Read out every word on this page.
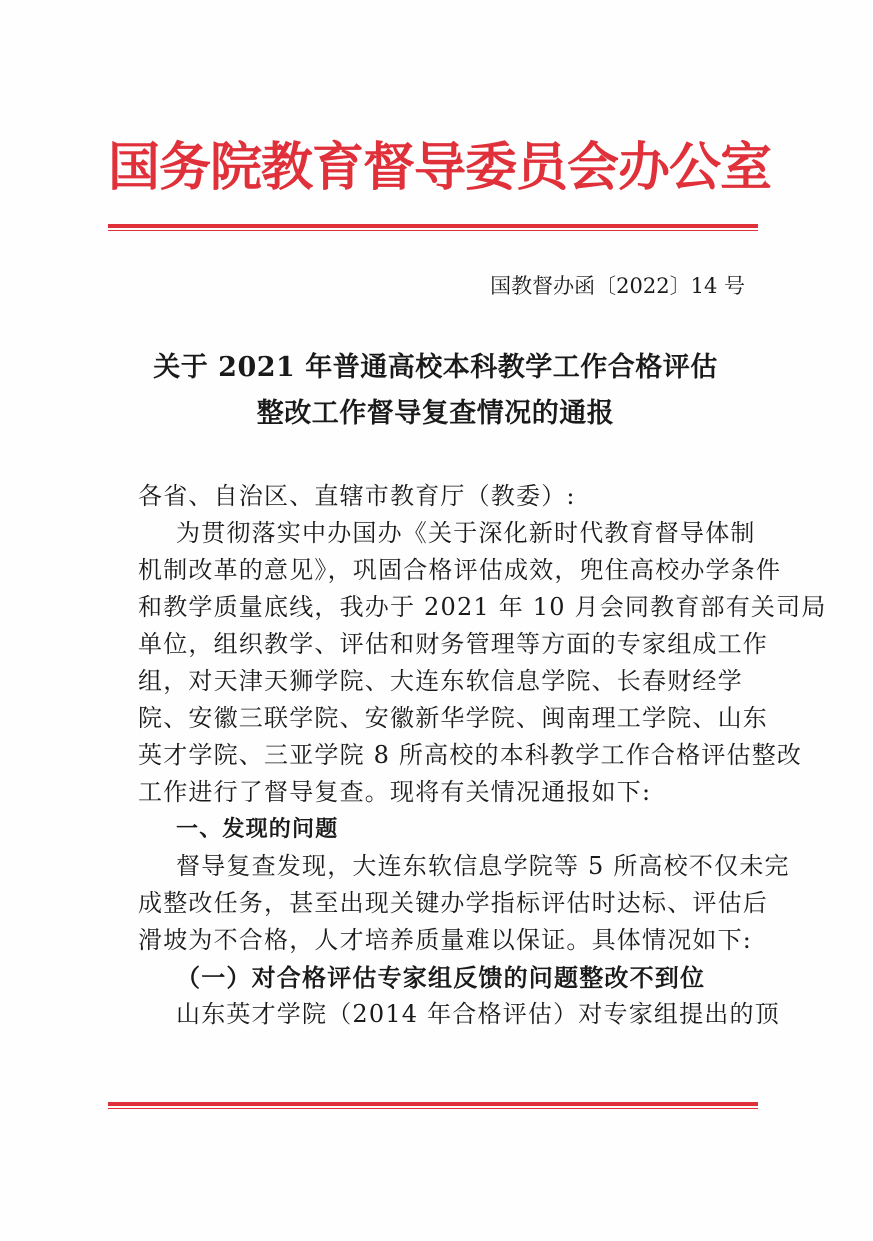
国务院教育督导委员会办公室
国教督办函〔2022〕14 号
关于 2021 年普通高校本科教学工作合格评估
整改工作督导复查情况的通报
各省、自治区、直辖市教育厅（教委）:
为贯彻落实中办国办《关于深化新时代教育督导体制
机制改革的意见》，巩固合格评估成效，兜住高校办学条件
和教学质量底线，我办于 2021 年 10 月会同教育部有关司局
单位，组织教学、评估和财务管理等方面的专家组成工作
组，对天津天狮学院、大连东软信息学院、长春财经学
院、安徽三联学院、安徽新华学院、闽南理工学院、山东
英才学院、三亚学院 8 所高校的本科教学工作合格评估整改
工作进行了督导复查。现将有关情况通报如下:
一、发现的问题
督导复查发现，大连东软信息学院等 5 所高校不仅未完
成整改任务，甚至出现关键办学指标评估时达标、评估后
滑坡为不合格，人才培养质量难以保证。具体情况如下:
（一）对合格评估专家组反馈的问题整改不到位
山东英才学院（2014 年合格评估）对专家组提出的顶
